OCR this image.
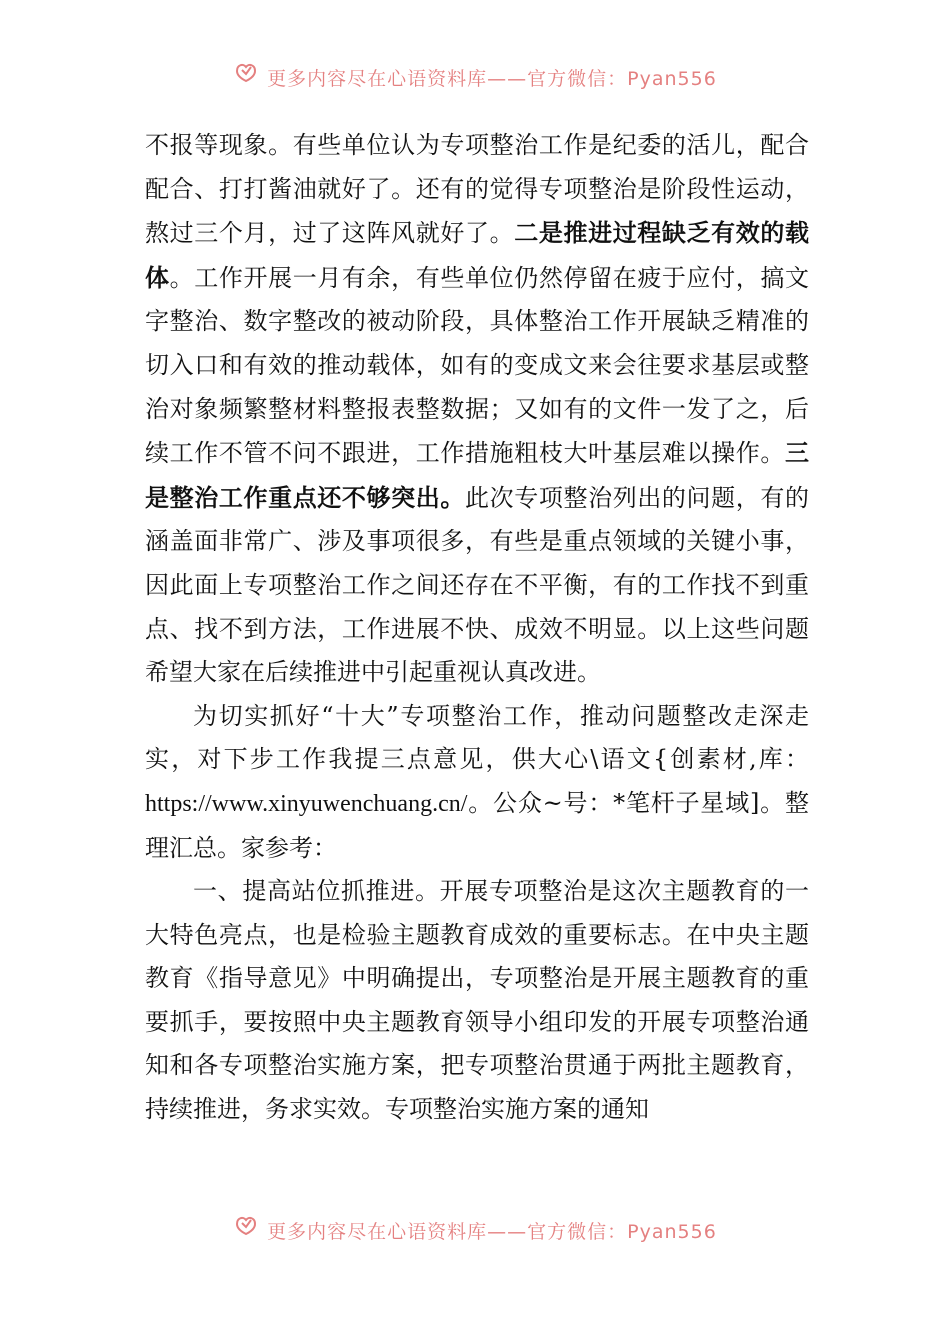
更多内容尽在心语资料库——官方微信：Pyan556

不报等现象。有些单位认为专项整治工作是纪委的活儿，配合配合、打打酱油就好了。还有的觉得专项整治是阶段性运动，熬过三个月，过了这阵风就好了。二是推进过程缺乏有效的载体。工作开展一月有余，有些单位仍然停留在疲于应付，搞文字整治、数字整改的被动阶段，具体整治工作开展缺乏精准的切入口和有效的推动载体，如有的变成文来会往要求基层或整治对象频繁整材料整报表整数据；又如有的文件一发了之，后续工作不管不问不跟进，工作措施粗枝大叶基层难以操作。三是整治工作重点还不够突出。此次专项整治列出的问题，有的涵盖面非常广、涉及事项很多，有些是重点领域的关键小事，因此面上专项整治工作之间还存在不平衡，有的工作找不到重点、找不到方法，工作进展不快、成效不明显。以上这些问题希望大家在后续推进中引起重视认真改进。

为切实抓好“十大”专项整治工作，推动问题整改走深走实，对下步工作我提三点意见，供大心\语文{创素材,库：https://www.xinyuwenchuang.cn/。公众~号：*笔杆子星域]。整理汇总。家参考：

一、提高站位抓推进。开展专项整治是这次主题教育的一大特色亮点，也是检验主题教育成效的重要标志。在中央主题教育《指导意见》中明确提出，专项整治是开展主题教育的重要抓手，要按照中央主题教育领导小组印发的开展专项整治通知和各专项整治实施方案，把专项整治贯通于两批主题教育，持续推进，务求实效。专项整治实施方案的通知

更多内容尽在心语资料库——官方微信：Pyan556
